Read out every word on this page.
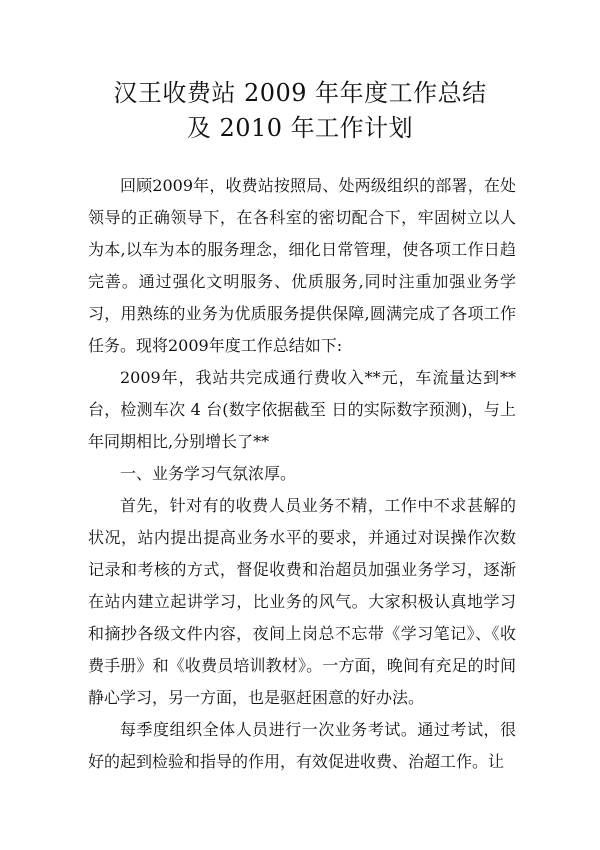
汉王收费站 2009 年年度工作总结
及 2010 年工作计划

回顾2009年，收费站按照局、处两级组织的部署，在处领导的正确领导下，在各科室的密切配合下，牢固树立以人为本,以车为本的服务理念，细化日常管理，使各项工作日趋完善。通过强化文明服务、优质服务,同时注重加强业务学习，用熟练的业务为优质服务提供保障,圆满完成了各项工作任务。现将2009年度工作总结如下:

2009年，我站共完成通行费收入**元，车流量达到**台，检测车次 4 台(数字依据截至 日的实际数字预测)，与上年同期相比,分别增长了**

一、业务学习气氛浓厚。

首先，针对有的收费人员业务不精，工作中不求甚解的状况，站内提出提高业务水平的要求，并通过对误操作次数记录和考核的方式，督促收费和治超员加强业务学习，逐渐在站内建立起讲学习，比业务的风气。大家积极认真地学习和摘抄各级文件内容，夜间上岗总不忘带《学习笔记》、《收费手册》和《收费员培训教材》。一方面，晚间有充足的时间静心学习，另一方面，也是驱赶困意的好办法。

每季度组织全体人员进行一次业务考试。通过考试，很好的起到检验和指导的作用，有效促进收费、治超工作。让
